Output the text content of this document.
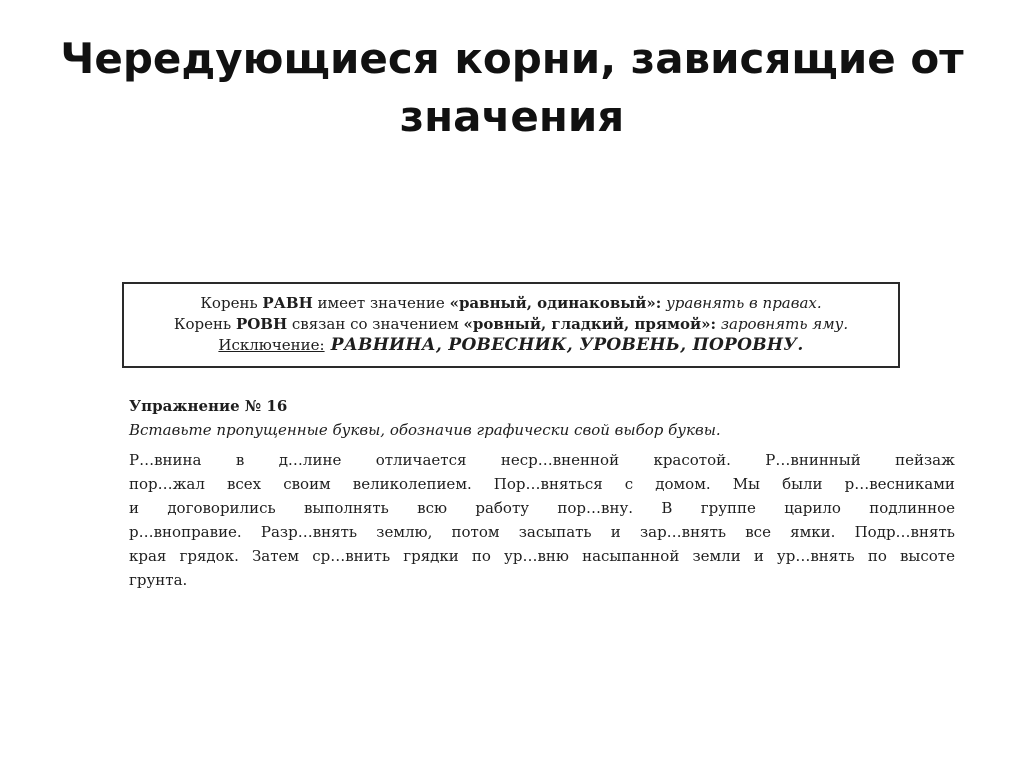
Чередующиеся корни, зависящие от
значения
Корень РАВН имеет значение «равный, одинаковый»: уравнять в правах.
Корень РОВН связан со значением «ровный, гладкий, прямой»: заровнять яму.
Исключение: РАВНИНА, РОВЕСНИК, УРОВЕНЬ, ПОРОВНУ.
Упражнение № 16
Вставьте пропущенные буквы, обозначив графически свой выбор буквы.
Р…внина в д…лине отличается неср…вненной красотой. Р…внинный пейзаж
пор…жал всех своим великолепием. Пор…вняться с домом. Мы были р…весниками
и договорились выполнять всю работу пор…вну. В группе царило подлинное
р…вноправие. Разр…внять землю, потом засыпать и зар…внять все ямки. Подр…внять
края грядок. Затем ср…внить грядки по ур…вню насыпанной земли и ур…внять по высоте
грунта.
